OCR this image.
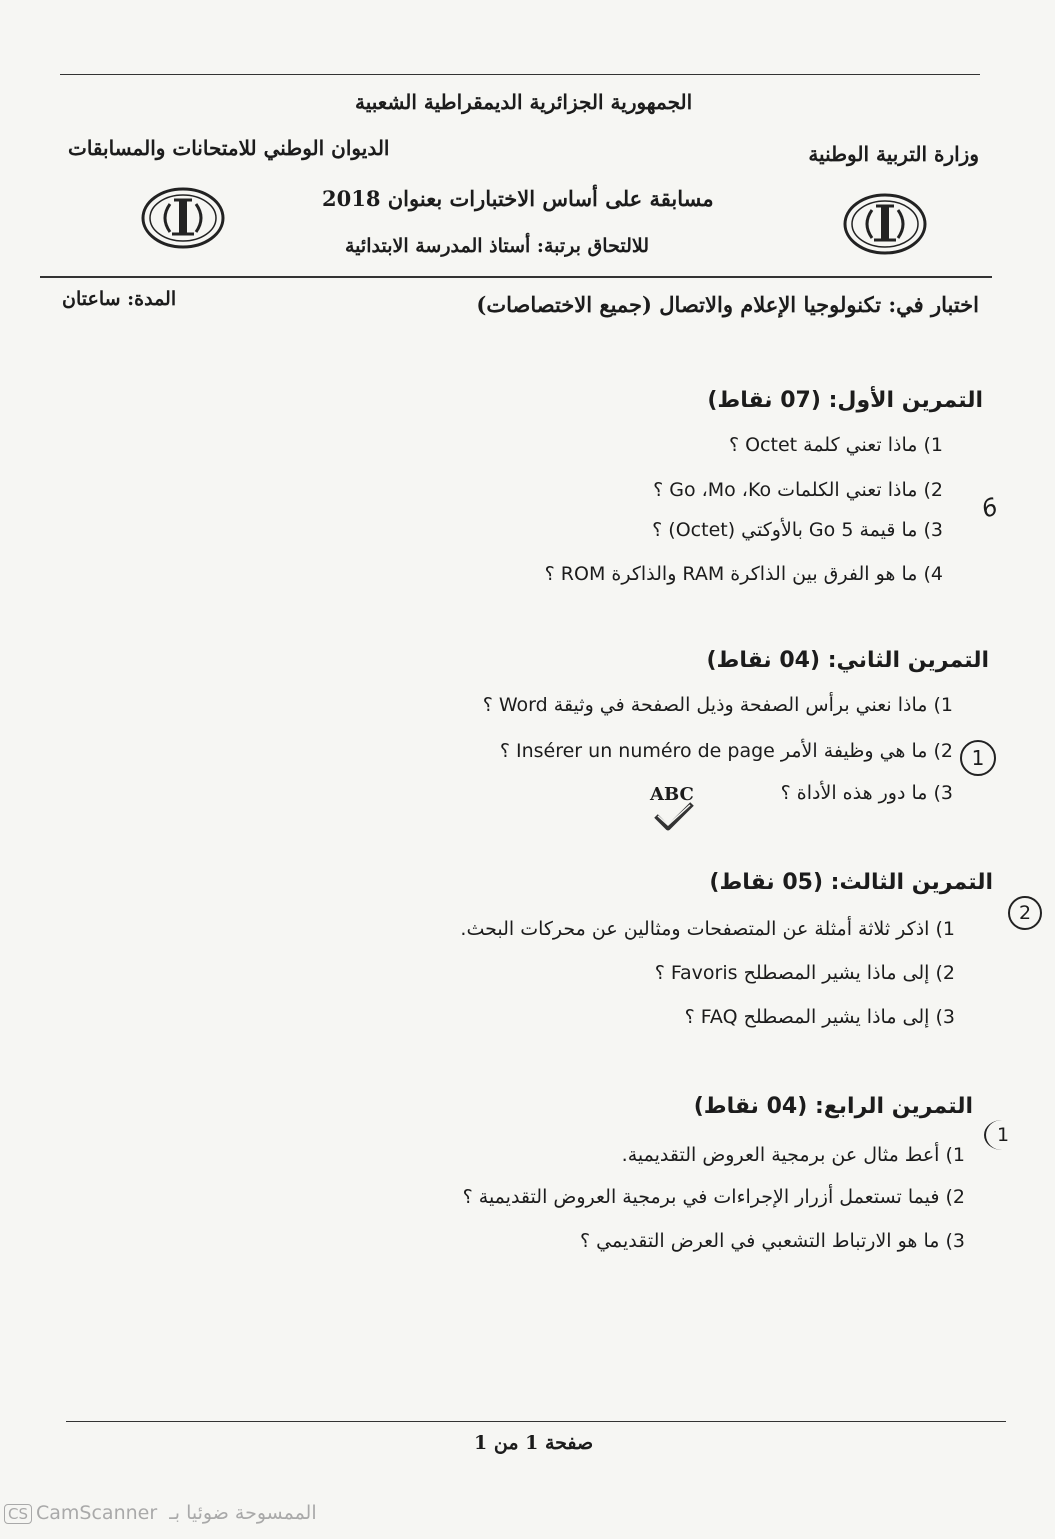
الجمهورية الجزائرية الديمقراطية الشعبية
وزارة التربية الوطنية
الديوان الوطني للامتحانات والمسابقات
مسابقة على أساس الاختبارات بعنوان 2018
للالتحاق برتبة: أستاذ المدرسة الابتدائية
اختبار في: تكنولوجيا الإعلام والاتصال (جميع الاختصاصات)
المدة: ساعتان
التمرين الأول: (07 نقاط)
1) ماذا تعني كلمة Octet ؟
2) ماذا تعني الكلمات Go ،Mo ،Ko ؟
3) ما قيمة 5 Go بالأوكتي (Octet) ؟
4) ما هو الفرق بين الذاكرة RAM والذاكرة ROM ؟
6
التمرين الثاني: (04 نقاط)
1) ماذا نعني برأس الصفحة وذيل الصفحة في وثيقة Word ؟
2) ما هي وظيفة الأمر Insérer un numéro de page ؟
3) ما دور هذه الأداة ؟
ABC
1
التمرين الثالث: (05 نقاط)
1) اذكر ثلاثة أمثلة عن المتصفحات ومثالين عن محركات البحث.
2) إلى ماذا يشير المصطلح Favoris ؟
3) إلى ماذا يشير المصطلح FAQ ؟
2
التمرين الرابع: (04 نقاط)
1) أعط مثال عن برمجية العروض التقديمية.
2) فيما تستعمل أزرار الإجراءات في برمجية العروض التقديمية ؟
3) ما هو الارتباط التشعبي في العرض التقديمي ؟
1
صفحة 1 من 1
CS CamScanner الممسوحة ضوئيا بـ
